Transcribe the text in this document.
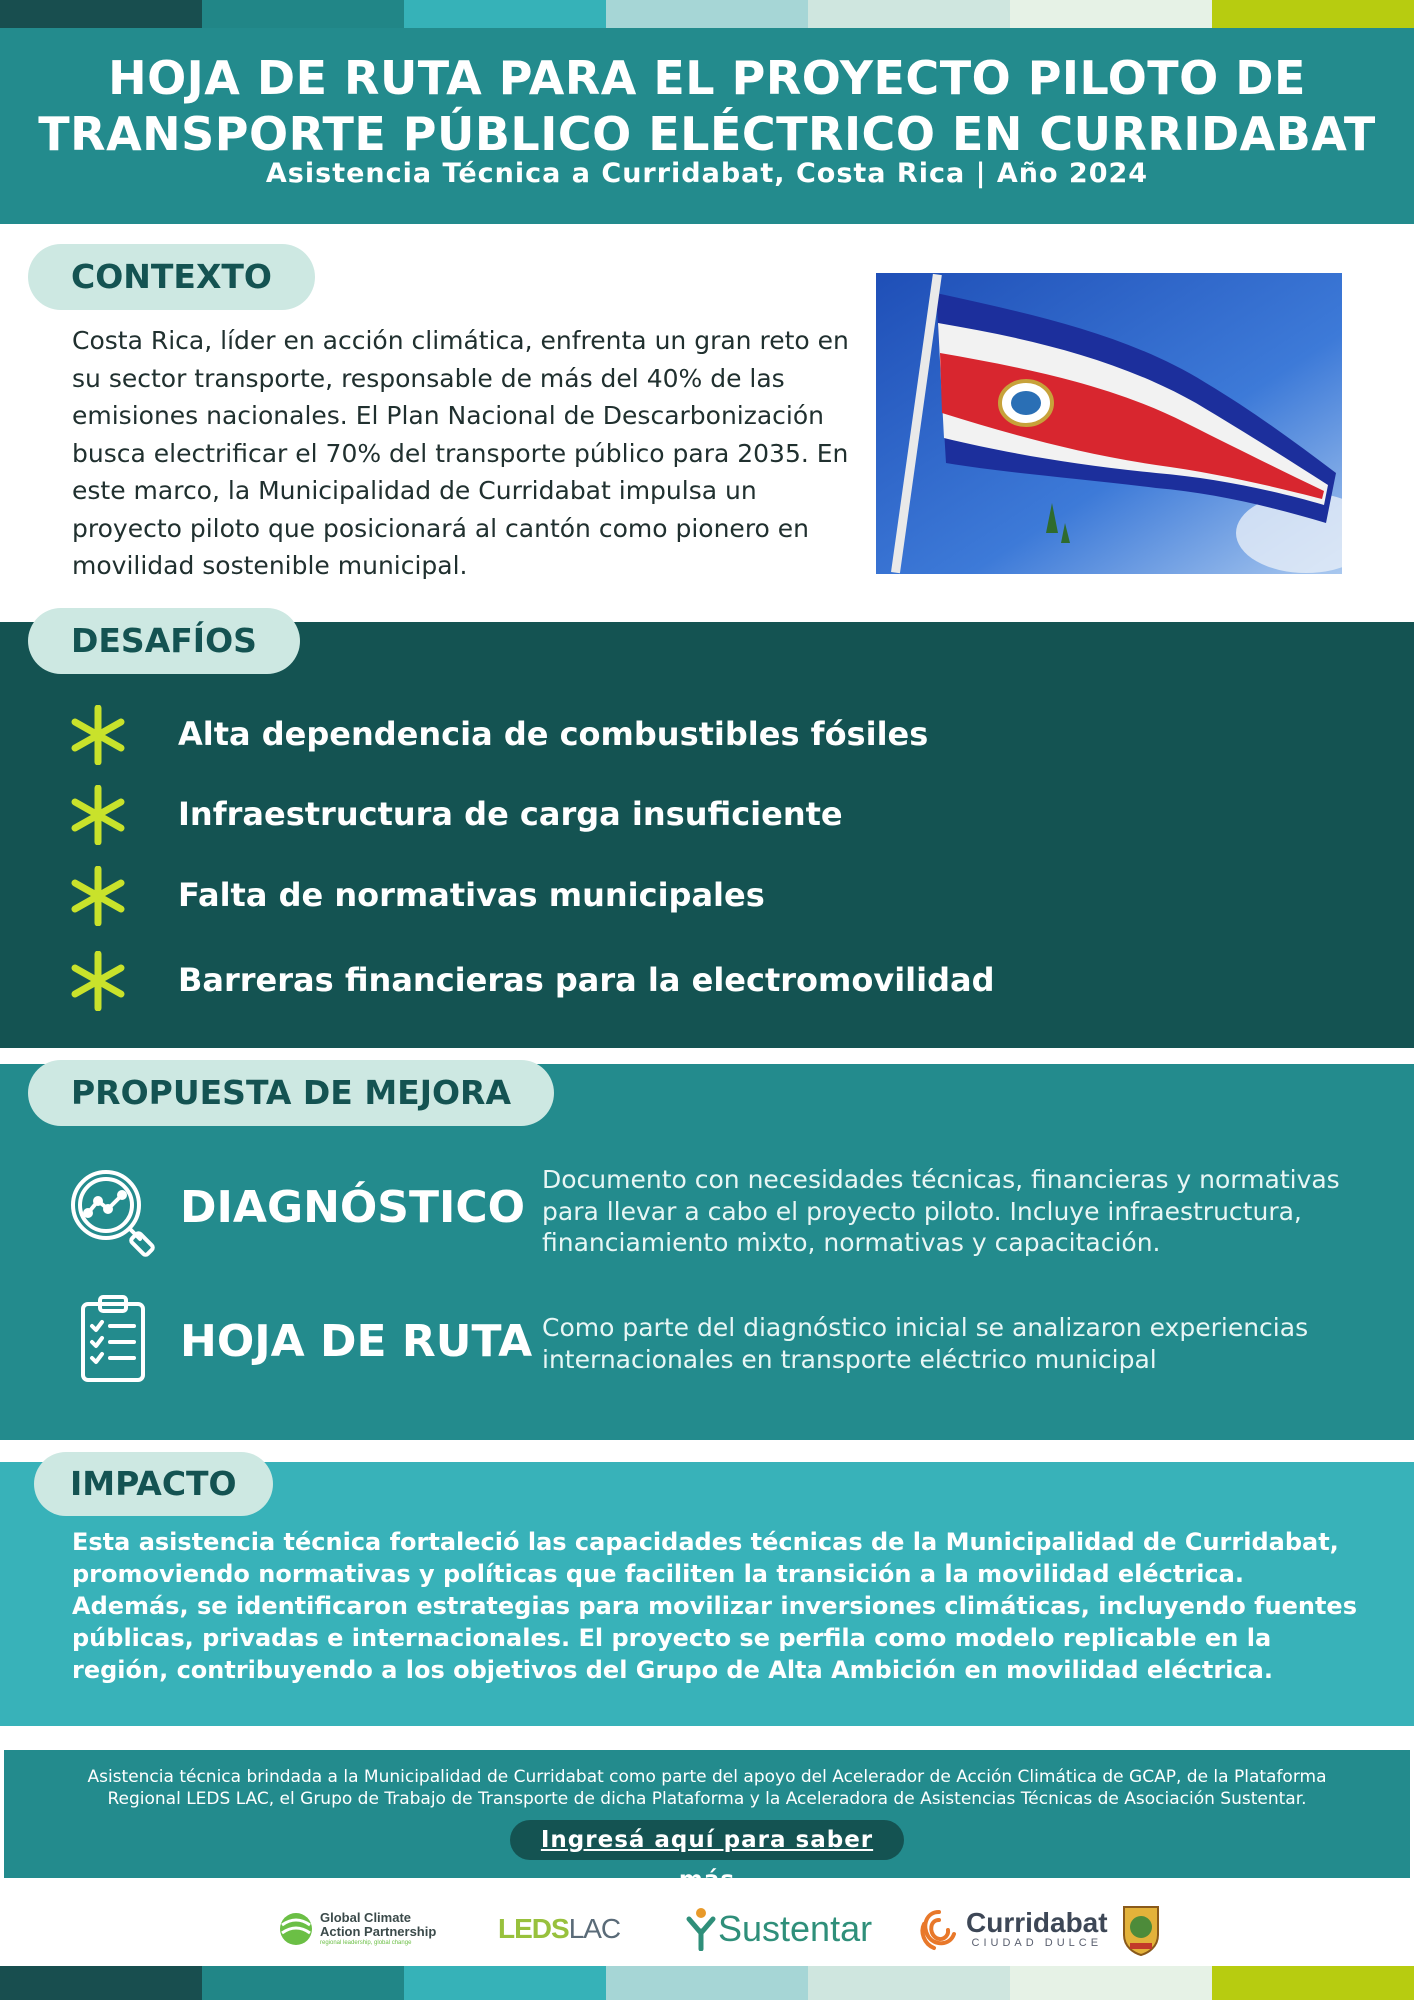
HOJA DE RUTA PARA EL PROYECTO PILOTO DE
TRANSPORTE PÚBLICO ELÉCTRICO EN CURRIDABAT
Asistencia Técnica a Curridabat, Costa Rica | Año 2024
CONTEXTO
Costa Rica, líder en acción climática, enfrenta un gran reto en su sector transporte, responsable de más del 40% de las emisiones nacionales. El Plan Nacional de Descarbonización busca electrificar el 70% del transporte público para 2035. En este marco, la Municipalidad de Curridabat impulsa un proyecto piloto que posicionará al cantón como pionero en movilidad sostenible municipal.
Alta dependencia de combustibles fósiles
Infraestructura de carga insuficiente
Falta de normativas municipales
Barreras financieras para la electromovilidad
DESAFÍOS
DIAGNÓSTICO
Documento con necesidades técnicas, financieras y normativas para llevar a cabo el proyecto piloto. Incluye infraestructura, financiamiento mixto, normativas y capacitación.
HOJA DE RUTA Como parte del diagnóstico inicial se analizaron experiencias internacionales en transporte eléctrico municipal
PROPUESTA DE MEJORA
Esta asistencia técnica fortaleció las capacidades técnicas de la Municipalidad de Curridabat, promoviendo normativas y políticas que faciliten la transición a la movilidad eléctrica. Además, se identificaron estrategias para movilizar inversiones climáticas, incluyendo fuentes públicas, privadas e internacionales. El proyecto se perfila como modelo replicable en la región, contribuyendo a los objetivos del Grupo de Alta Ambición en movilidad eléctrica.
IMPACTO
Asistencia técnica brindada a la Municipalidad de Curridabat como parte del apoyo del Acelerador de Acción Climática de GCAP, de la Plataforma Regional LEDS LAC, el Grupo de Trabajo de Transporte de dicha Plataforma y la Aceleradora de Asistencias Técnicas de Asociación Sustentar.
Ingresá aquí para saber más
Global Climate
Action Partnership
regional leadership, global change	LEDS LAC	Sustentar	Curridabat
CIUDAD DULCE
